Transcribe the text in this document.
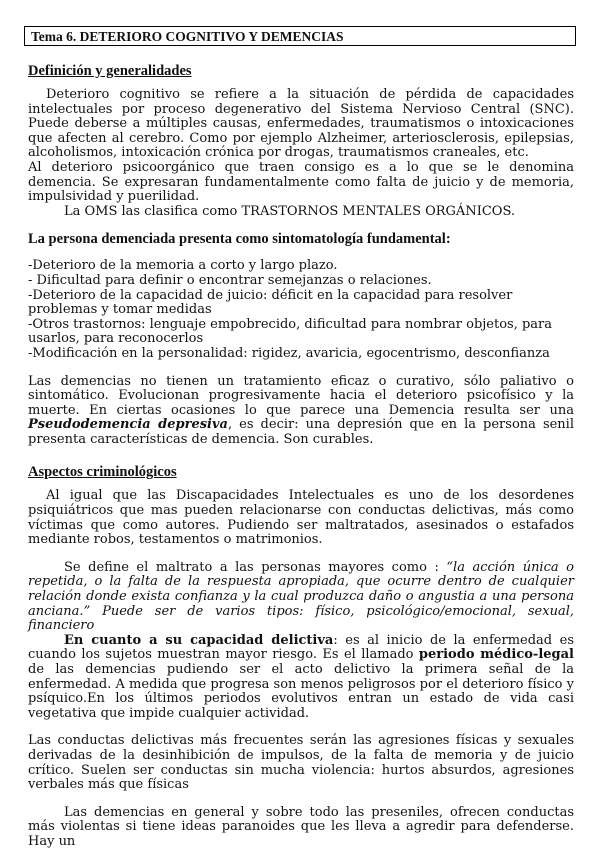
Tema 6. DETERIORO COGNITIVO Y DEMENCIAS
Definición y generalidades

Deterioro cognitivo se refiere a la situación de pérdida de capacidades intelectuales por proceso degenerativo del Sistema Nervioso Central (SNC). Puede deberse a múltiples causas, enfermedades, traumatismos o intoxicaciones que afecten al cerebro. Como por ejemplo Alzheimer, arteriosclerosis, epilepsias, alcoholismos, intoxicación crónica por drogas, traumatismos craneales, etc.

Al deterioro psicoorgánico que traen consigo es a lo que se le denomina demencia. Se expresaran fundamentalmente como falta de juicio y de memoria, impulsividad y puerilidad.

La OMS las clasifica como TRASTORNOS MENTALES ORGÁNICOS.

La persona demenciada presenta como sintomatología fundamental:

-Deterioro de la memoria a corto y largo plazo.

- Dificultad para definir o encontrar semejanzas o relaciones.

-Deterioro de la capacidad de juicio: déficit en la capacidad para resolver problemas y tomar medidas

-Otros trastornos: lenguaje empobrecido, dificultad para nombrar objetos, para usarlos, para reconocerlos

-Modificación en la personalidad: rigidez, avaricia, egocentrismo, desconfianza

Las demencias no tienen un tratamiento eficaz o curativo, sólo paliativo o sintomático. Evolucionan progresivamente hacia el deterioro psicofísico y la muerte. En ciertas ocasiones lo que parece una Demencia resulta ser una Pseudodemencia depresiva, es decir: una depresión que en la persona senil presenta características de demencia. Son curables.

Aspectos criminológicos

Al igual que las Discapacidades Intelectuales es uno de los desordenes psiquiátricos que mas pueden relacionarse con conductas delictivas, más como víctimas que como autores. Pudiendo ser maltratados, asesinados o estafados mediante robos, testamentos o matrimonios.

Se define el maltrato a las personas mayores como : “la acción única o repetida, o la falta de la respuesta apropiada, que ocurre dentro de cualquier relación donde exista confianza y la cual produzca daño o angustia a una persona anciana.” Puede ser de varios tipos: físico, psicológico/emocional, sexual, financiero

En cuanto a su capacidad delictiva: es al inicio de la enfermedad es cuando los sujetos muestran mayor riesgo. Es el llamado periodo médico-legal de las demencias pudiendo ser el acto delictivo la primera señal de la enfermedad. A medida que progresa son menos peligrosos por el deterioro físico y psíquico.En los últimos periodos evolutivos entran un estado de vida casi vegetativa que impide cualquier actividad.

Las conductas delictivas más frecuentes serán las agresiones físicas y sexuales derivadas de la desinhibición de impulsos, de la falta de memoria y de juicio crítico. Suelen ser conductas sin mucha violencia: hurtos absurdos, agresiones verbales más que físicas

Las demencias en general y sobre todo las preseniles, ofrecen conductas más violentas si tiene ideas paranoides que les lleva a agredir para defenderse. Hay un
